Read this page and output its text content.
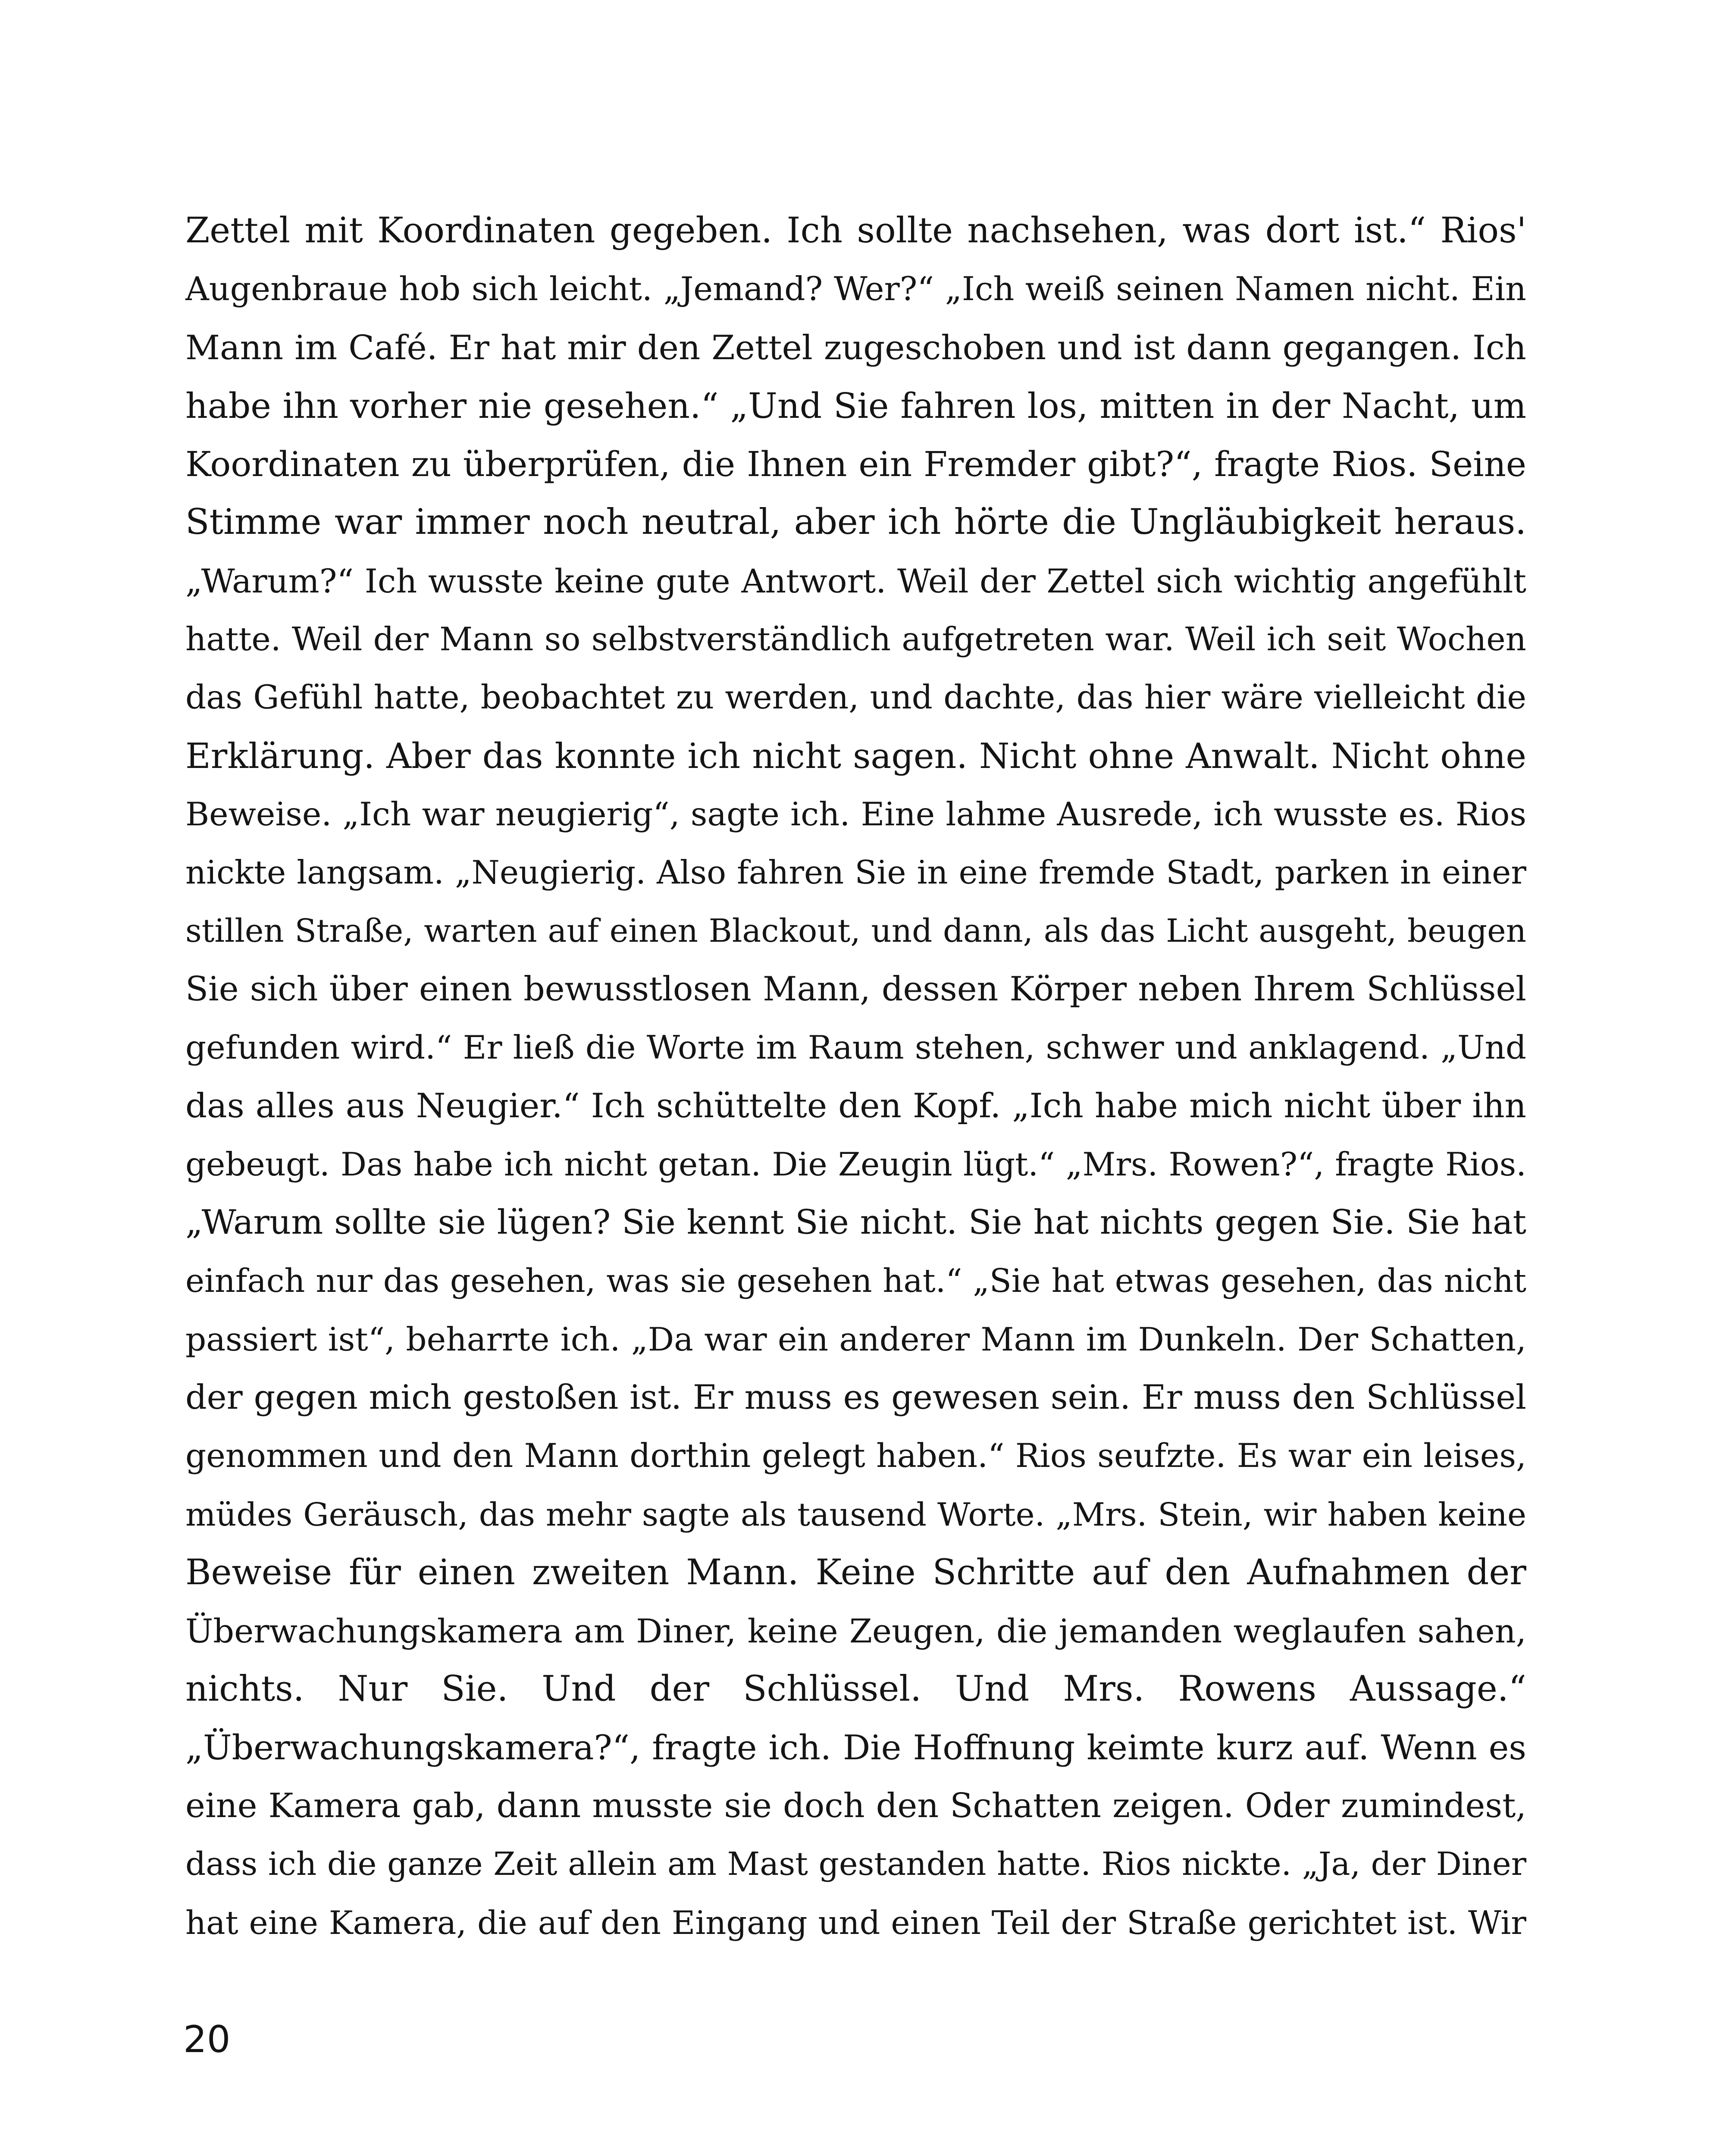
Zettel mit Koordinaten gegeben. Ich sollte nachsehen, was dort ist.“ Rios'
Augenbraue hob sich leicht. „Jemand? Wer?“ „Ich weiß seinen Namen nicht. Ein
Mann im Café. Er hat mir den Zettel zugeschoben und ist dann gegangen. Ich
habe ihn vorher nie gesehen.“ „Und Sie fahren los, mitten in der Nacht, um
Koordinaten zu überprüfen, die Ihnen ein Fremder gibt?“, fragte Rios. Seine
Stimme war immer noch neutral, aber ich hörte die Ungläubigkeit heraus.
„Warum?“ Ich wusste keine gute Antwort. Weil der Zettel sich wichtig angefühlt
hatte. Weil der Mann so selbstverständlich aufgetreten war. Weil ich seit Wochen
das Gefühl hatte, beobachtet zu werden, und dachte, das hier wäre vielleicht die
Erklärung. Aber das konnte ich nicht sagen. Nicht ohne Anwalt. Nicht ohne
Beweise. „Ich war neugierig“, sagte ich. Eine lahme Ausrede, ich wusste es. Rios
nickte langsam. „Neugierig. Also fahren Sie in eine fremde Stadt, parken in einer
stillen Straße, warten auf einen Blackout, und dann, als das Licht ausgeht, beugen
Sie sich über einen bewusstlosen Mann, dessen Körper neben Ihrem Schlüssel
gefunden wird.“ Er ließ die Worte im Raum stehen, schwer und anklagend. „Und
das alles aus Neugier.“ Ich schüttelte den Kopf. „Ich habe mich nicht über ihn
gebeugt. Das habe ich nicht getan. Die Zeugin lügt.“ „Mrs. Rowen?“, fragte Rios.
„Warum sollte sie lügen? Sie kennt Sie nicht. Sie hat nichts gegen Sie. Sie hat
einfach nur das gesehen, was sie gesehen hat.“ „Sie hat etwas gesehen, das nicht
passiert ist“, beharrte ich. „Da war ein anderer Mann im Dunkeln. Der Schatten,
der gegen mich gestoßen ist. Er muss es gewesen sein. Er muss den Schlüssel
genommen und den Mann dorthin gelegt haben.“ Rios seufzte. Es war ein leises,
müdes Geräusch, das mehr sagte als tausend Worte. „Mrs. Stein, wir haben keine
Beweise für einen zweiten Mann. Keine Schritte auf den Aufnahmen der
Überwachungskamera am Diner, keine Zeugen, die jemanden weglaufen sahen,
nichts. Nur Sie. Und der Schlüssel. Und Mrs. Rowens Aussage.“
„Überwachungskamera?“, fragte ich. Die Hoffnung keimte kurz auf. Wenn es
eine Kamera gab, dann musste sie doch den Schatten zeigen. Oder zumindest,
dass ich die ganze Zeit allein am Mast gestanden hatte. Rios nickte. „Ja, der Diner
hat eine Kamera, die auf den Eingang und einen Teil der Straße gerichtet ist. Wir
20
